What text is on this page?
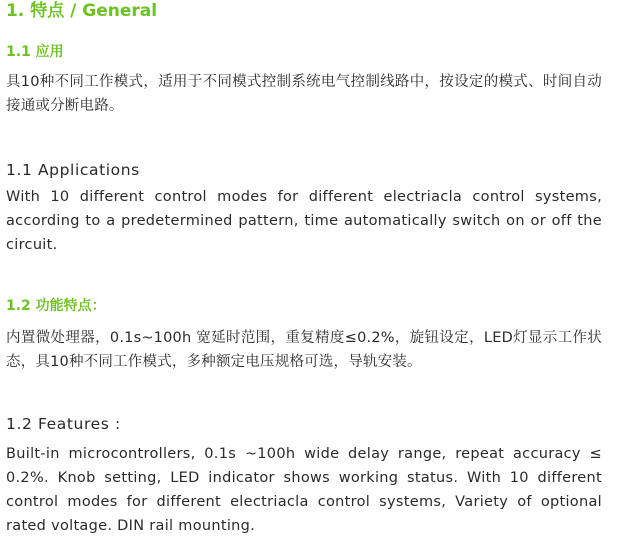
1. 特点 / General
1.1 应用
具10种不同工作模式，适用于不同模式控制系统电气控制线路中，按设定的模式、时间自动接通或分断电路。
1.1 Applications
With 10 different control modes for different electriacla control systems, according to a predetermined pattern, time automatically switch on or off the circuit.
1.2 功能特点：
内置微处理器，0.1s~100h 宽延时范围，重复精度≤0.2%，旋钮设定，LED灯显示工作状态，具10种不同工作模式，多种额定电压规格可选，导轨安装。
1.2 Features :
Built-in microcontrollers, 0.1s ~100h wide delay range, repeat accuracy ≤ 0.2%. Knob setting, LED indicator shows working status. With 10 different control modes for different electriacla control systems, Variety of optional rated voltage. DIN rail mounting.
